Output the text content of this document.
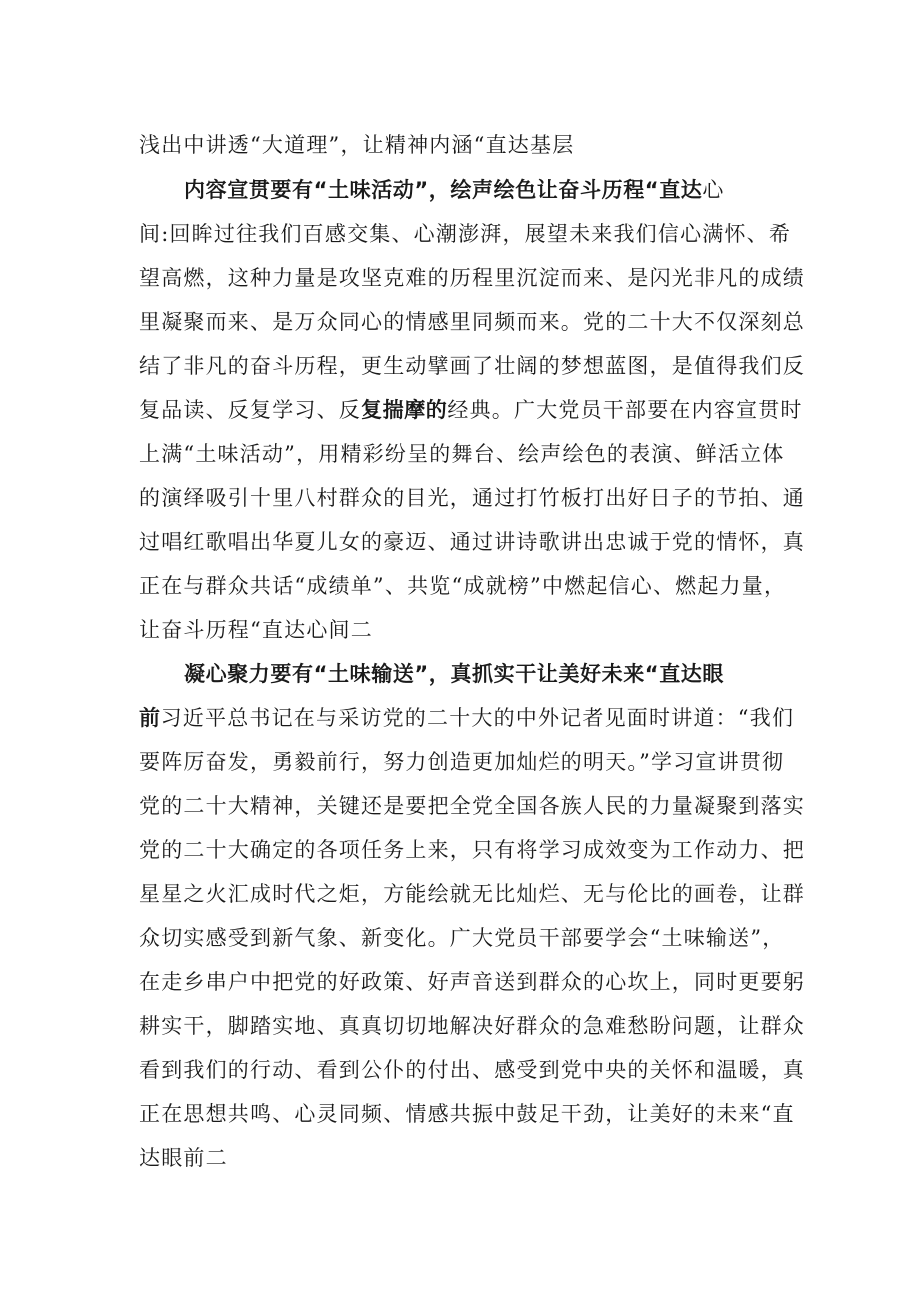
浅出中讲透“大道理”，让精神内涵“直达基层
内容宣贯要有“土味活动”，绘声绘色让奋斗历程“直达心
间:回眸过往我们百感交集、心潮澎湃，展望未来我们信心满怀、希
望高燃，这种力量是攻坚克难的历程里沉淀而来、是闪光非凡的成绩
里凝聚而来、是万众同心的情感里同频而来。党的二十大不仅深刻总
结了非凡的奋斗历程，更生动擘画了壮阔的梦想蓝图，是值得我们反
复品读、反复学习、反复揣摩的经典。广大党员干部要在内容宣贯时
上满“土味活动”，用精彩纷呈的舞台、绘声绘色的表演、鲜活立体
的演绎吸引十里八村群众的目光，通过打竹板打出好日子的节拍、通
过唱红歌唱出华夏儿女的豪迈、通过讲诗歌讲出忠诚于党的情怀，真
正在与群众共话“成绩单”、共览“成就榜”中燃起信心、燃起力量，
让奋斗历程“直达心间二
凝心聚力要有“土味输送”，真抓实干让美好未来“直达眼
前习近平总书记在与采访党的二十大的中外记者见面时讲道：“我们
要阵厉奋发，勇毅前行，努力创造更加灿烂的明天。”学习宣讲贯彻
党的二十大精神，关键还是要把全党全国各族人民的力量凝聚到落实
党的二十大确定的各项任务上来，只有将学习成效变为工作动力、把
星星之火汇成时代之炬，方能绘就无比灿烂、无与伦比的画卷，让群
众切实感受到新气象、新变化。广大党员干部要学会“土味输送”，
在走乡串户中把党的好政策、好声音送到群众的心坎上，同时更要躬
耕实干，脚踏实地、真真切切地解决好群众的急难愁盼问题，让群众
看到我们的行动、看到公仆的付出、感受到党中央的关怀和温暖，真
正在思想共鸣、心灵同频、情感共振中鼓足干劲，让美好的未来“直
达眼前二
